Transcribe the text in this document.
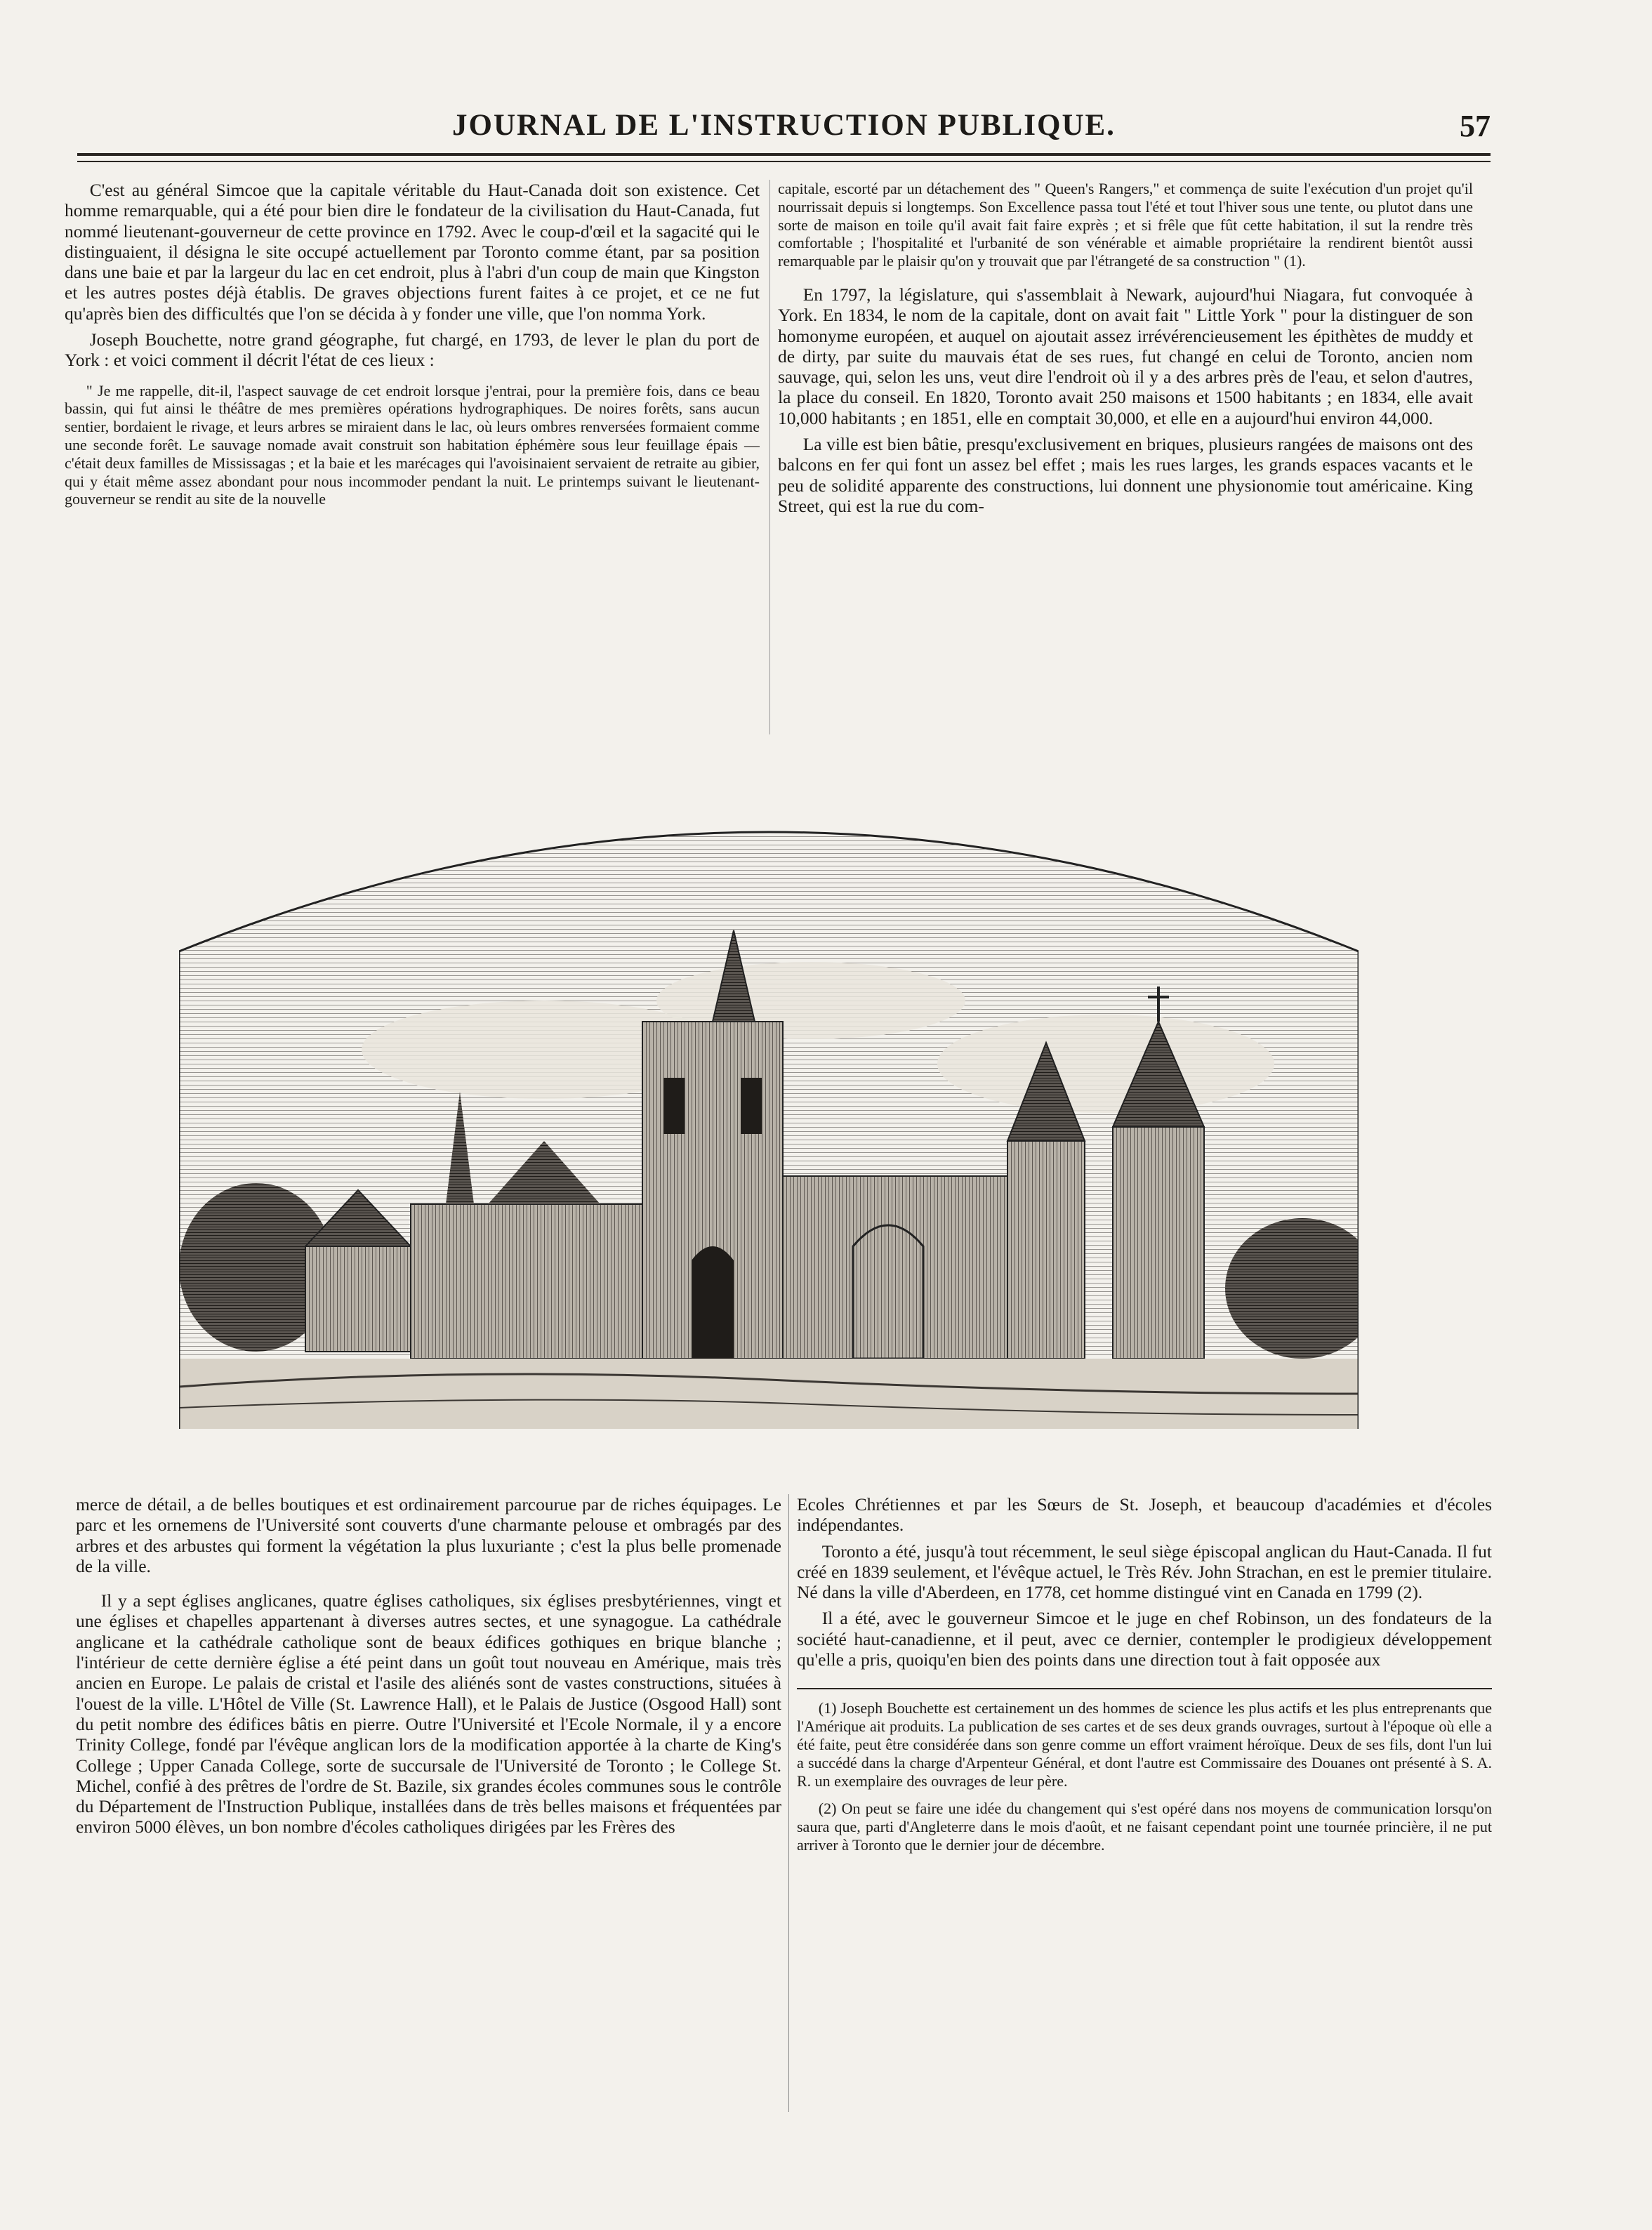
JOURNAL DE L'INSTRUCTION PUBLIQUE.	57

C'est au général Simcoe que la capitale véritable du Haut-Canada doit son existence. Cet homme remarquable, qui a été pour bien dire le fondateur de la civilisation du Haut-Canada, fut nommé lieutenant-gouverneur de cette province en 1792. Avec le coup-d'œil et la sagacité qui le distinguaient, il désigna le site occupé actuellement par Toronto comme étant, par sa position dans une baie et par la largeur du lac en cet endroit, plus à l'abri d'un coup de main que Kingston et les autres postes déjà établis. De graves objections furent faites à ce projet, et ce ne fut qu'après bien des difficultés que l'on se décida à y fonder une ville, que l'on nomma York.

Joseph Bouchette, notre grand géographe, fut chargé, en 1793, de lever le plan du port de York : et voici comment il décrit l'état de ces lieux :

" Je me rappelle, dit-il, l'aspect sauvage de cet endroit lorsque j'entrai, pour la première fois, dans ce beau bassin, qui fut ainsi le théâtre de mes premières opérations hydrographiques. De noires forêts, sans aucun sentier, bordaient le rivage, et leurs arbres se miraient dans le lac, où leurs ombres renversées formaient comme une seconde forêt. Le sauvage nomade avait construit son habitation éphémère sous leur feuillage épais — c'était deux familles de Mississagas ; et la baie et les marécages qui l'avoisinaient servaient de retraite au gibier, qui y était même assez abondant pour nous incommoder pendant la nuit. Le printemps suivant le lieutenant-gouverneur se rendit au site de la nouvelle

capitale, escorté par un détachement des " Queen's Rangers," et commença de suite l'exécution d'un projet qu'il nourrissait depuis si longtemps. Son Excellence passa tout l'été et tout l'hiver sous une tente, ou plutot dans une sorte de maison en toile qu'il avait fait faire exprès ; et si frêle que fût cette habitation, il sut la rendre très comfortable ; l'hospitalité et l'urbanité de son vénérable et aimable propriétaire la rendirent bientôt aussi remarquable par le plaisir qu'on y trouvait que par l'étrangeté de sa construction " (1).

En 1797, la législature, qui s'assemblait à Newark, aujourd'hui Niagara, fut convoquée à York. En 1834, le nom de la capitale, dont on avait fait " Little York " pour la distinguer de son homonyme européen, et auquel on ajoutait assez irrévérencieusement les épithètes de muddy et de dirty, par suite du mauvais état de ses rues, fut changé en celui de Toronto, ancien nom sauvage, qui, selon les uns, veut dire l'endroit où il y a des arbres près de l'eau, et selon d'autres, la place du conseil. En 1820, Toronto avait 250 maisons et 1500 habitants ; en 1834, elle avait 10,000 habitants ; en 1851, elle en comptait 30,000, et elle en a aujourd'hui environ 44,000.

La ville est bien bâtie, presqu'exclusivement en briques, plusieurs rangées de maisons ont des balcons en fer qui font un assez bel effet ; mais les rues larges, les grands espaces vacants et le peu de solidité apparente des constructions, lui donnent une physionomie tout américaine. King Street, qui est la rue du com-

merce de détail, a de belles boutiques et est ordinairement parcourue par de riches équipages. Le parc et les ornemens de l'Université sont couverts d'une charmante pelouse et ombragés par des arbres et des arbustes qui forment la végétation la plus luxuriante ; c'est la plus belle promenade de la ville.

Il y a sept églises anglicanes, quatre églises catholiques, six églises presbytériennes, vingt et une églises et chapelles appartenant à diverses autres sectes, et une synagogue. La cathédrale anglicane et la cathédrale catholique sont de beaux édifices gothiques en brique blanche ; l'intérieur de cette dernière église a été peint dans un goût tout nouveau en Amérique, mais très ancien en Europe. Le palais de cristal et l'asile des aliénés sont de vastes constructions, situées à l'ouest de la ville. L'Hôtel de Ville (St. Lawrence Hall), et le Palais de Justice (Osgood Hall) sont du petit nombre des édifices bâtis en pierre. Outre l'Université et l'Ecole Normale, il y a encore Trinity College, fondé par l'évêque anglican lors de la modification apportée à la charte de King's College ; Upper Canada College, sorte de succursale de l'Université de Toronto ; le College St. Michel, confié à des prêtres de l'ordre de St. Bazile, six grandes écoles communes sous le contrôle du Département de l'Instruction Publique, installées dans de très belles maisons et fréquentées par environ 5000 élèves, un bon nombre d'écoles catholiques dirigées par les Frères des

Ecoles Chrétiennes et par les Sœurs de St. Joseph, et beaucoup d'académies et d'écoles indépendantes.

Toronto a été, jusqu'à tout récemment, le seul siège épiscopal anglican du Haut-Canada. Il fut créé en 1839 seulement, et l'évêque actuel, le Très Rév. John Strachan, en est le premier titulaire. Né dans la ville d'Aberdeen, en 1778, cet homme distingué vint en Canada en 1799 (2).

Il a été, avec le gouverneur Simcoe et le juge en chef Robinson, un des fondateurs de la société haut-canadienne, et il peut, avec ce dernier, contempler le prodigieux développement qu'elle a pris, quoiqu'en bien des points dans une direction tout à fait opposée aux

(1) Joseph Bouchette est certainement un des hommes de science les plus actifs et les plus entreprenants que l'Amérique ait produits. La publication de ses cartes et de ses deux grands ouvrages, surtout à l'époque où elle a été faite, peut être considérée dans son genre comme un effort vraiment héroïque. Deux de ses fils, dont l'un lui a succédé dans la charge d'Arpenteur Général, et dont l'autre est Commissaire des Douanes ont présenté à S. A. R. un exemplaire des ouvrages de leur père.

(2) On peut se faire une idée du changement qui s'est opéré dans nos moyens de communication lorsqu'on saura que, parti d'Angleterre dans le mois d'août, et ne faisant cependant point une tournée princière, il ne put arriver à Toronto que le dernier jour de décembre.
